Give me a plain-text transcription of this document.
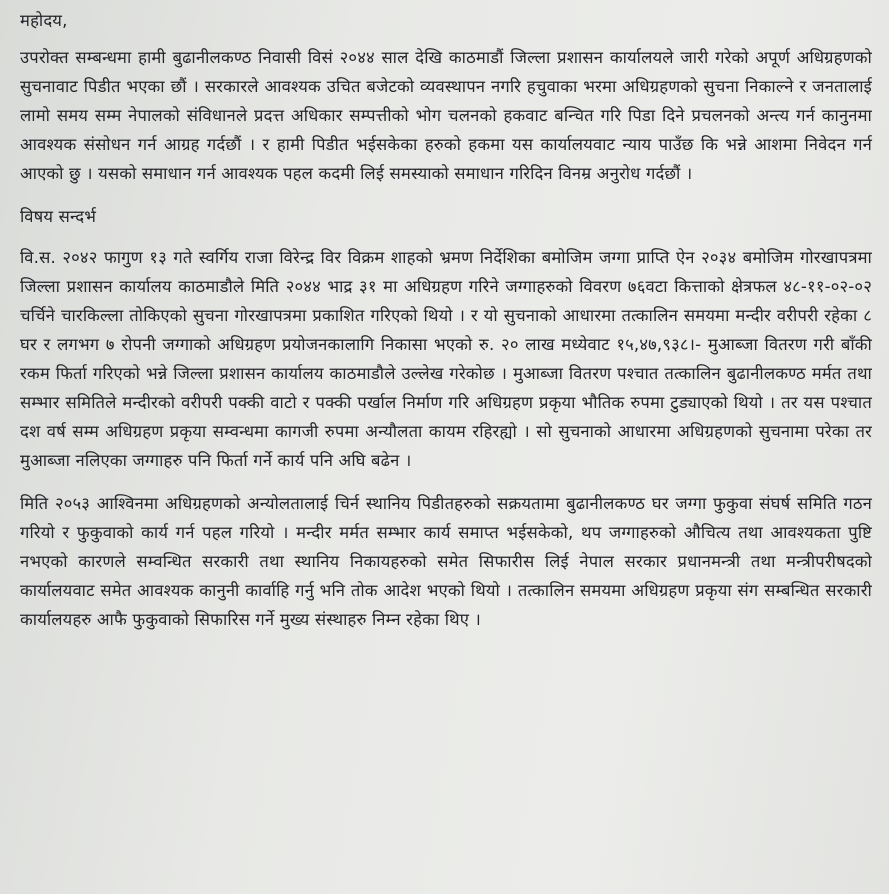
महोदय,

उपरोक्त सम्बन्धमा हामी बुढानीलकण्ठ निवासी विसं २०४४ साल देखि काठमाडौं जिल्ला प्रशासन कार्यालयले जारी गरेको अपूर्ण अधिग्रहणको सुचनावाट पिडीत भएका छौं । सरकारले आवश्यक उचित बजेटको व्यवस्थापन नगरि हचुवाका भरमा अधिग्रहणको सुचना निकाल्ने र जनतालाई लामो समय सम्म नेपालको संविधानले प्रदत्त अधिकार सम्पत्तीको भोग चलनको हकवाट बन्चित गरि पिडा दिने प्रचलनको अन्त्य गर्न कानुनमा आवश्यक संसोधन गर्न आग्रह गर्दछौं । र हामी पिडीत भईसकेका हरुको हकमा यस कार्यालयवाट न्याय पाउँछ कि भन्ने आशमा निवेदन गर्न आएको छु । यसको समाधान गर्न आवश्यक पहल कदमी लिई समस्याको समाधान गरिदिन विनम्र अनुरोध गर्दछौं ।

विषय सन्दर्भ

वि.स. २०४२ फागुण १३ गते स्वर्गिय राजा विरेन्द्र विर विक्रम शाहको भ्रमण निर्देशिका बमोजिम जग्गा प्राप्ति ऐन २०३४ बमोजिम गोरखापत्रमा जिल्ला प्रशासन कार्यालय काठमाडौले मिति २०४४ भाद्र ३१ मा अधिग्रहण गरिने जग्गाहरुको विवरण ७६वटा कित्ताको क्षेत्रफल ४८-११-०२-०२ चर्चिने चारकिल्ला तोकिएको सुचना गोरखापत्रमा प्रकाशित गरिएको थियो । र यो सुचनाको आधारमा तत्कालिन समयमा मन्दीर वरीपरी रहेका ८ घर र लगभग ७ रोपनी जग्गाको अधिग्रहण प्रयोजनकालागि निकासा भएको रु. २० लाख मध्येवाट १५,४७,९३८।- मुआब्जा वितरण गरी बाँकी रकम फिर्ता गरिएको भन्ने जिल्ला प्रशासन कार्यालय काठमाडौले उल्लेख गरेकोछ । मुआब्जा वितरण पश्चात तत्कालिन बुढानीलकण्ठ मर्मत तथा सम्भार समितिले मन्दीरको वरीपरी पक्की वाटो र पक्की पर्खाल निर्माण गरि अधिग्रहण प्रकृया भौतिक रुपमा टुड्याएको थियो । तर यस पश्चात दश वर्ष सम्म अधिग्रहण प्रकृया सम्वन्धमा कागजी रुपमा अन्यौलता कायम रहिरह्यो । सो सुचनाको आधारमा अधिग्रहणको सुचनामा परेका तर मुआब्जा नलिएका जग्गाहरु पनि फिर्ता गर्ने कार्य पनि अघि बढेन ।

मिति २०५३ आश्विनमा अधिग्रहणको अन्योलतालाई चिर्न स्थानिय पिडीतहरुको सक्रयतामा बुढानीलकण्ठ घर जग्गा फुकुवा संघर्ष समिति गठन गरियो र फुकुवाको कार्य गर्न पहल गरियो । मन्दीर मर्मत सम्भार कार्य समाप्त भईसकेको, थप जग्गाहरुको औचित्य तथा आवश्यकता पुष्टि नभएको कारणले सम्वन्धित सरकारी तथा स्थानिय निकायहरुको समेत सिफारीस लिई नेपाल सरकार प्रधानमन्त्री तथा मन्त्रीपरीषदको कार्यालयवाट समेत आवश्यक कानुनी कार्वाहि गर्नु भनि तोक आदेश भएको थियो । तत्कालिन समयमा अधिग्रहण प्रकृया संग सम्बन्धित सरकारी कार्यालयहरु आफै फुकुवाको सिफारिस गर्ने मुख्य संस्थाहरु निम्न रहेका थिए ।
